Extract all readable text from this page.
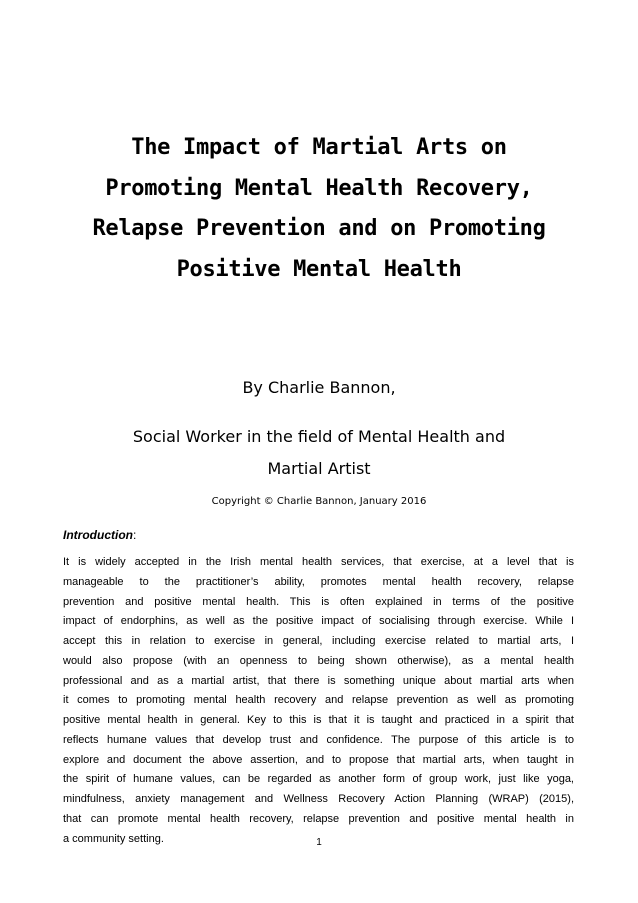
The Impact of Martial Arts on
Promoting Mental Health Recovery,
Relapse Prevention and on Promoting
Positive Mental Health

By Charlie Bannon,

Social Worker in the field of Mental Health and
Martial Artist

Copyright © Charlie Bannon, January 2016

Introduction:

It is widely accepted in the Irish mental health services, that exercise, at a level that is
manageable to the practitioner’s ability, promotes mental health recovery, relapse
prevention and positive mental health. This is often explained in terms of the positive
impact of endorphins, as well as the positive impact of socialising through exercise. While I
accept this in relation to exercise in general, including exercise related to martial arts, I
would also propose (with an openness to being shown otherwise), as a mental health
professional and as a martial artist, that there is something unique about martial arts when
it comes to promoting mental health recovery and relapse prevention as well as promoting
positive mental health in general. Key to this is that it is taught and practiced in a spirit that
reflects humane values that develop trust and confidence. The purpose of this article is to
explore and document the above assertion, and to propose that martial arts, when taught in
the spirit of humane values, can be regarded as another form of group work, just like yoga,
mindfulness, anxiety management and Wellness Recovery Action Planning (WRAP) (2015),
that can promote mental health recovery, relapse prevention and positive mental health in
a community setting.	1
